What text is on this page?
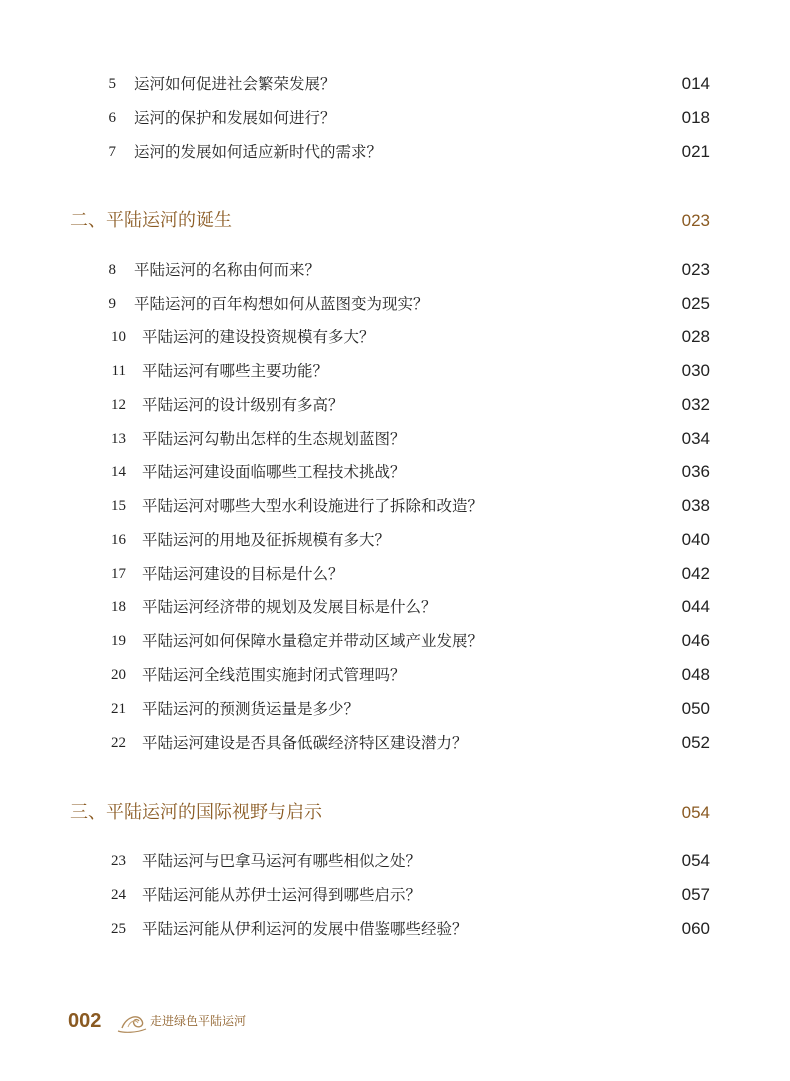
5 运河如何促进社会繁荣发展？	014
6 运河的保护和发展如何进行？	018
7 运河的发展如何适应新时代的需求？	021
二、平陆运河的诞生	023
8 平陆运河的名称由何而来？	023
9 平陆运河的百年构想如何从蓝图变为现实？	025
10 平陆运河的建设投资规模有多大？	028
11 平陆运河有哪些主要功能？	030
12 平陆运河的设计级别有多高？	032
13 平陆运河勾勒出怎样的生态规划蓝图？	034
14 平陆运河建设面临哪些工程技术挑战？	036
15 平陆运河对哪些大型水利设施进行了拆除和改造？	038
16 平陆运河的用地及征拆规模有多大？	040
17 平陆运河建设的目标是什么？	042
18 平陆运河经济带的规划及发展目标是什么？	044
19 平陆运河如何保障水量稳定并带动区域产业发展？	046
20 平陆运河全线范围实施封闭式管理吗？	048
21 平陆运河的预测货运量是多少？	050
22 平陆运河建设是否具备低碳经济特区建设潜力？	052
三、平陆运河的国际视野与启示	054
23 平陆运河与巴拿马运河有哪些相似之处？	054
24 平陆运河能从苏伊士运河得到哪些启示？	057
25 平陆运河能从伊利运河的发展中借鉴哪些经验？	060
002	走进绿色平陆运河
